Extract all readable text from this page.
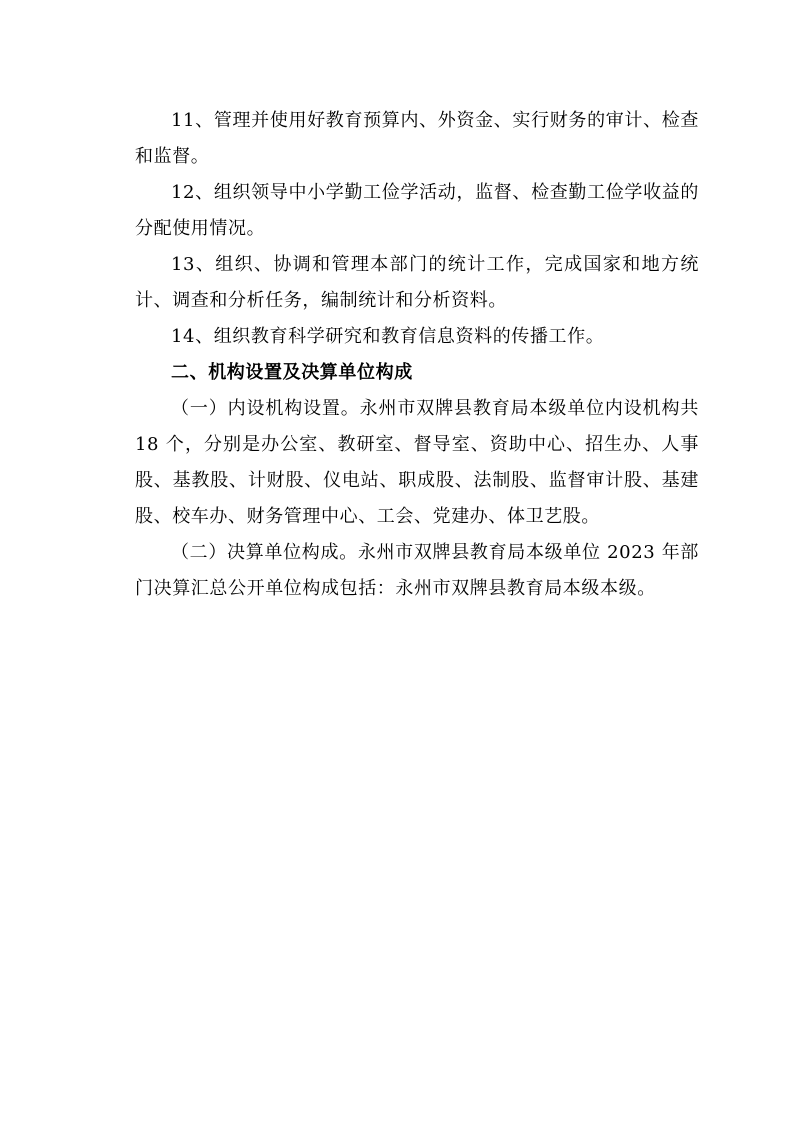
11、管理并使用好教育预算内、外资金、实行财务的审计、检查和监督。

12、组织领导中小学勤工俭学活动，监督、检查勤工俭学收益的分配使用情况。

13、组织、协调和管理本部门的统计工作，完成国家和地方统计、调查和分析任务，编制统计和分析资料。

14、组织教育科学研究和教育信息资料的传播工作。

二、机构设置及决算单位构成

（一）内设机构设置。永州市双牌县教育局本级单位内设机构共 18 个，分别是办公室、教研室、督导室、资助中心、招生办、人事股、基教股、计财股、仪电站、职成股、法制股、监督审计股、基建股、校车办、财务管理中心、工会、党建办、体卫艺股。

（二）决算单位构成。永州市双牌县教育局本级单位 2023 年部门决算汇总公开单位构成包括：永州市双牌县教育局本级本级。
